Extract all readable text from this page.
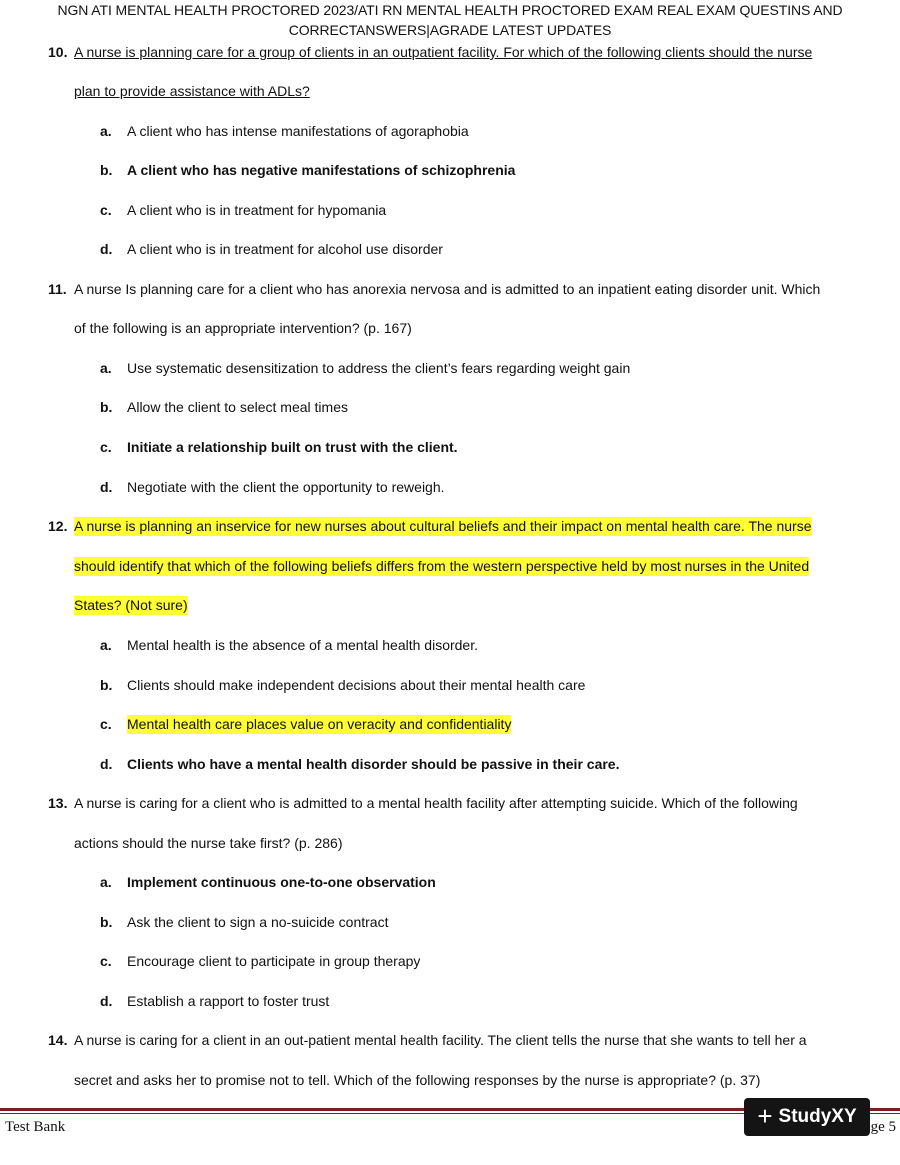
NGN ATI MENTAL HEALTH PROCTORED 2023/ATI RN MENTAL HEALTH PROCTORED EXAM REAL EXAM QUESTINS AND
CORRECTANSWERS|AGRADE LATEST UPDATES
10. A nurse is planning care for a group of clients in an outpatient facility. For which of the following clients should the nurse
plan to provide assistance with ADLs?
a. A client who has intense manifestations of agoraphobia
b. A client who has negative manifestations of schizophrenia
c. A client who is in treatment for hypomania
d. A client who is in treatment for alcohol use disorder
11. A nurse Is planning care for a client who has anorexia nervosa and is admitted to an inpatient eating disorder unit. Which
of the following is an appropriate intervention? (p. 167)
a. Use systematic desensitization to address the client’s fears regarding weight gain
b. Allow the client to select meal times
c. Initiate a relationship built on trust with the client.
d. Negotiate with the client the opportunity to reweigh.
12. A nurse is planning an inservice for new nurses about cultural beliefs and their impact on mental health care. The nurse
should identify that which of the following beliefs differs from the western perspective held by most nurses in the United
States? (Not sure)
a. Mental health is the absence of a mental health disorder.
b. Clients should make independent decisions about their mental health care
c. Mental health care places value on veracity and confidentiality
d. Clients who have a mental health disorder should be passive in their care.
13. A nurse is caring for a client who is admitted to a mental health facility after attempting suicide. Which of the following
actions should the nurse take first? (p. 286)
a. Implement continuous one-to-one observation
b. Ask the client to sign a no-suicide contract
c. Encourage client to participate in group therapy
d. Establish a rapport to foster trust
14. A nurse is caring for a client in an out-patient mental health facility. The client tells the nurse that she wants to tell her a
secret and asks her to promise not to tell. Which of the following responses by the nurse is appropriate? (p. 37)
Test Bank	ge 5
+ StudyXY
